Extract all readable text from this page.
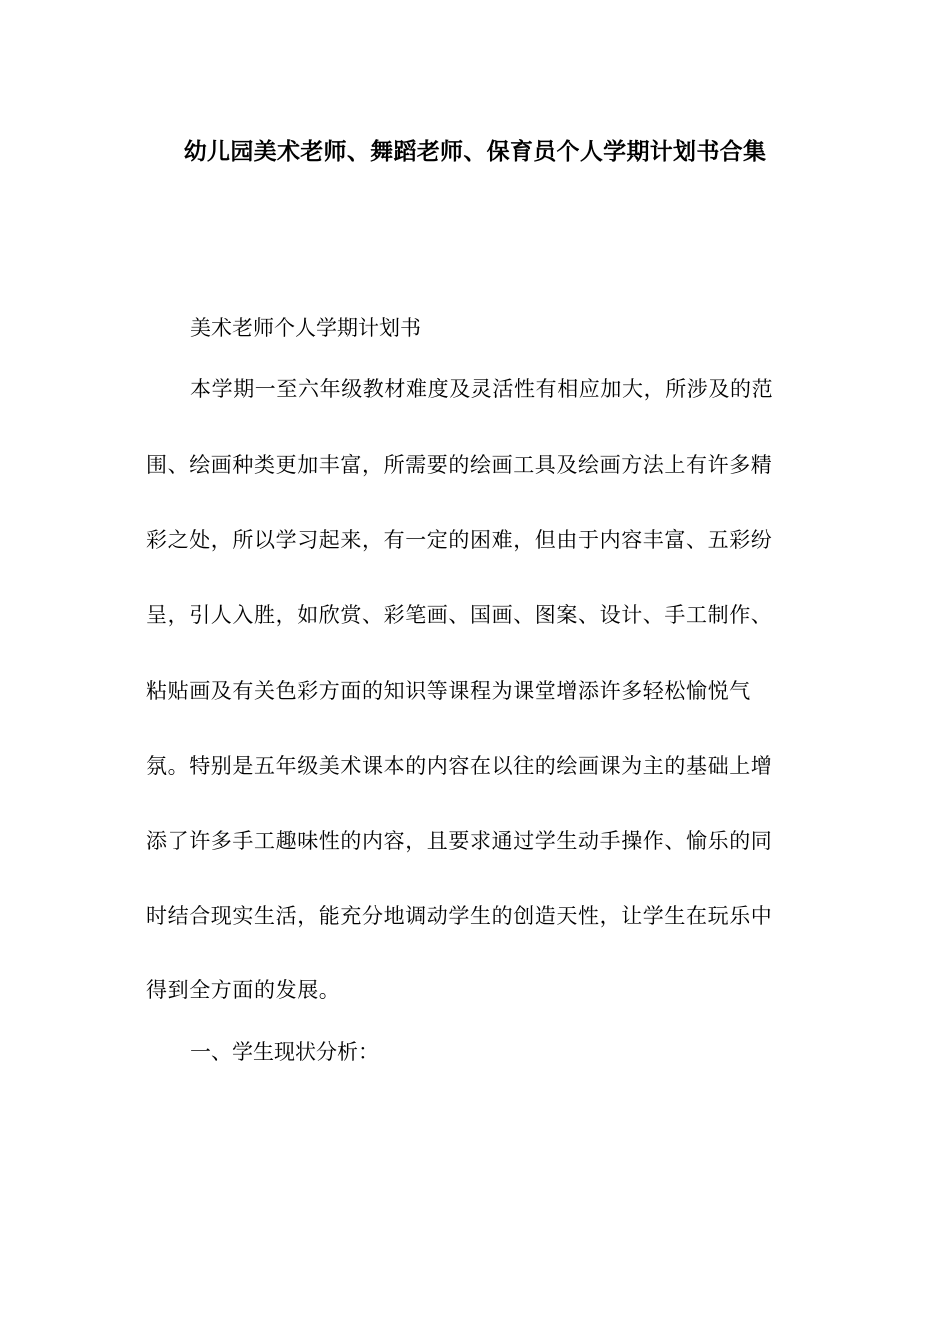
幼儿园美术老师、舞蹈老师、保育员个人学期计划书合集
美术老师个人学期计划书
本学期一至六年级教材难度及灵活性有相应加大，所涉及的范
围、绘画种类更加丰富，所需要的绘画工具及绘画方法上有许多精
彩之处，所以学习起来，有一定的困难，但由于内容丰富、五彩纷
呈，引人入胜，如欣赏、彩笔画、国画、图案、设计、手工制作、
粘贴画及有关色彩方面的知识等课程为课堂增添许多轻松愉悦气
氛。特别是五年级美术课本的内容在以往的绘画课为主的基础上增
添了许多手工趣味性的内容，且要求通过学生动手操作、愉乐的同
时结合现实生活，能充分地调动学生的创造天性，让学生在玩乐中
得到全方面的发展。
一、学生现状分析：
